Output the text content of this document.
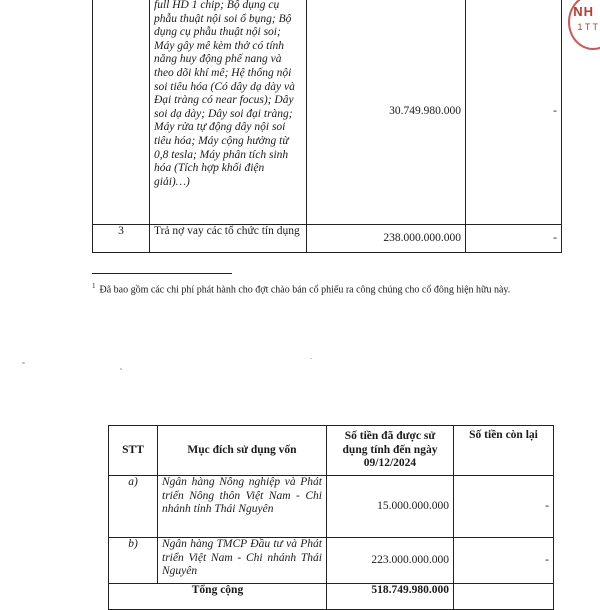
	full HD 1 chip; Bộ dụng cụ phẫu thuật nội soi ổ bụng; Bộ dụng cụ phẫu thuật nội soi; Máy gây mê kèm thở có tính năng huy động phế nang và theo dõi khí mê; Hệ thống nội soi tiêu hóa (Có dây dạ dày và Đại tràng có near focus); Dây soi dạ dày; Dây soi đại tràng; Máy rửa tự động dây nội soi tiêu hóa; Máy cộng hưởng từ 0,8 tesla; Máy phân tích sinh hóa (Tích hợp khối điện giải)…)	30.749.980.000	-
3	Trả nợ vay các tổ chức tín dụng	238.000.000.000	-
NH
1 T T
$^1$ Đã bao gồm các chi phí phát hành cho đợt chào bán cổ phiếu ra công chúng cho cổ đông hiện hữu này.
STT	Mục đích sử dụng vốn	Số tiền đã được sử dụng tính đến ngày 09/12/2024	Số tiền còn lại
a)	Ngân hàng Nông nghiệp và Phát triển Nông thôn Việt Nam - Chi nhánh tỉnh Thái Nguyên	15.000.000.000	-
b)	Ngân hàng TMCP Đầu tư và Phát triển Việt Nam - Chi nhánh Thái Nguyên	223.000.000.000	-
Tổng cộng		518.749.980.000	
